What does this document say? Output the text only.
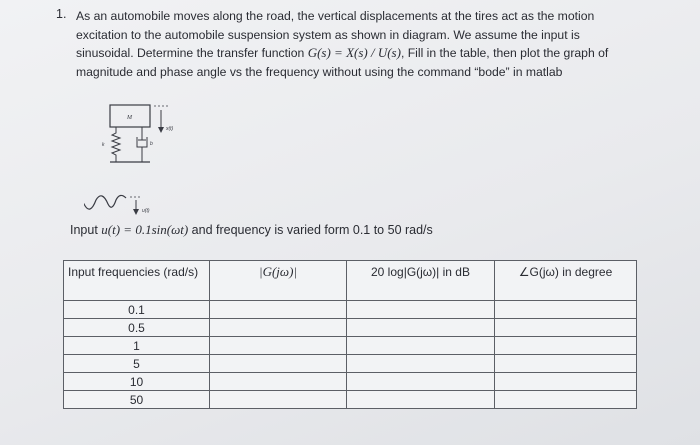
1. As an automobile moves along the road, the vertical displacements at the tires act as the motion excitation to the automobile suspension system as shown in diagram. We assume the input is sinusoidal. Determine the transfer function G(s) = X(s) / U(s), Fill in the table, then plot the graph of magnitude and phase angle vs the frequency without using the command “bode” in matlab

M
k	b
x(t)
u(t)
Input u(t) = 0.1sin(ωt) and frequency is varied form 0.1 to 50 rad/s
Input frequencies (rad/s)	|G(jω)|	20 log|G(jω)| in dB	∠G(jω) in degree
0.1			
0.5			
1			
5			
10			
50			
